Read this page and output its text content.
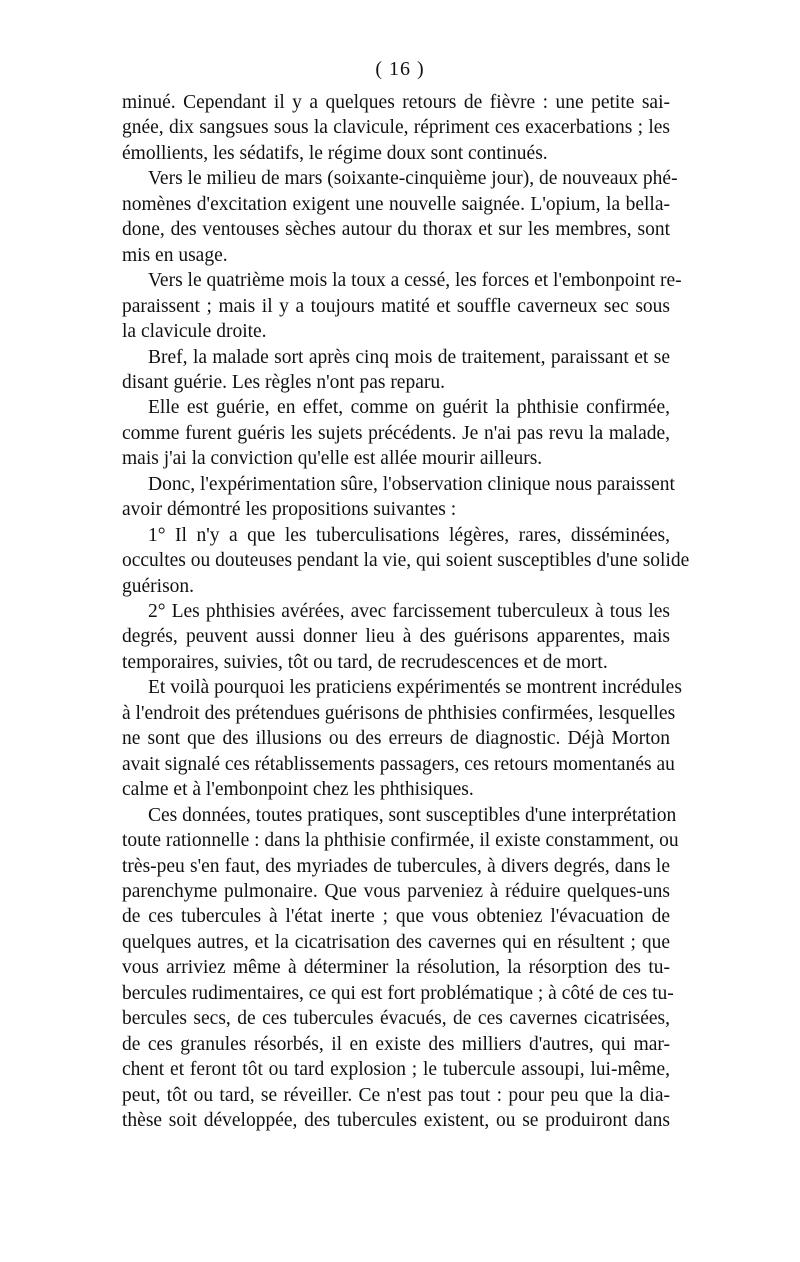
( 16 )
minué. Cependant il y a quelques retours de fièvre : une petite sai-
gnée, dix sangsues sous la clavicule, répriment ces exacerbations ; les
émollients, les sédatifs, le régime doux sont continués.
Vers le milieu de mars (soixante-cinquième jour), de nouveaux phé-
nomènes d'excitation exigent une nouvelle saignée. L'opium, la bella-
done, des ventouses sèches autour du thorax et sur les membres, sont
mis en usage.
Vers le quatrième mois la toux a cessé, les forces et l'embonpoint re-
paraissent ; mais il y a toujours matité et souffle caverneux sec sous
la clavicule droite.
Bref, la malade sort après cinq mois de traitement, paraissant et se
disant guérie. Les règles n'ont pas reparu.
Elle est guérie, en effet, comme on guérit la phthisie confirmée,
comme furent guéris les sujets précédents. Je n'ai pas revu la malade,
mais j'ai la conviction qu'elle est allée mourir ailleurs.
Donc, l'expérimentation sûre, l'observation clinique nous paraissent
avoir démontré les propositions suivantes :
1° Il n'y a que les tuberculisations légères, rares, disséminées,
occultes ou douteuses pendant la vie, qui soient susceptibles d'une solide
guérison.
2° Les phthisies avérées, avec farcissement tuberculeux à tous les
degrés, peuvent aussi donner lieu à des guérisons apparentes, mais
temporaires, suivies, tôt ou tard, de recrudescences et de mort.
Et voilà pourquoi les praticiens expérimentés se montrent incrédules
à l'endroit des prétendues guérisons de phthisies confirmées, lesquelles
ne sont que des illusions ou des erreurs de diagnostic. Déjà Morton
avait signalé ces rétablissements passagers, ces retours momentanés au
calme et à l'embonpoint chez les phthisiques.
Ces données, toutes pratiques, sont susceptibles d'une interprétation
toute rationnelle : dans la phthisie confirmée, il existe constamment, ou
très-peu s'en faut, des myriades de tubercules, à divers degrés, dans le
parenchyme pulmonaire. Que vous parveniez à réduire quelques-uns
de ces tubercules à l'état inerte ; que vous obteniez l'évacuation de
quelques autres, et la cicatrisation des cavernes qui en résultent ; que
vous arriviez même à déterminer la résolution, la résorption des tu-
bercules rudimentaires, ce qui est fort problématique ; à côté de ces tu-
bercules secs, de ces tubercules évacués, de ces cavernes cicatrisées,
de ces granules résorbés, il en existe des milliers d'autres, qui mar-
chent et feront tôt ou tard explosion ; le tubercule assoupi, lui-même,
peut, tôt ou tard, se réveiller. Ce n'est pas tout : pour peu que la dia-
thèse soit développée, des tubercules existent, ou se produiront dans
